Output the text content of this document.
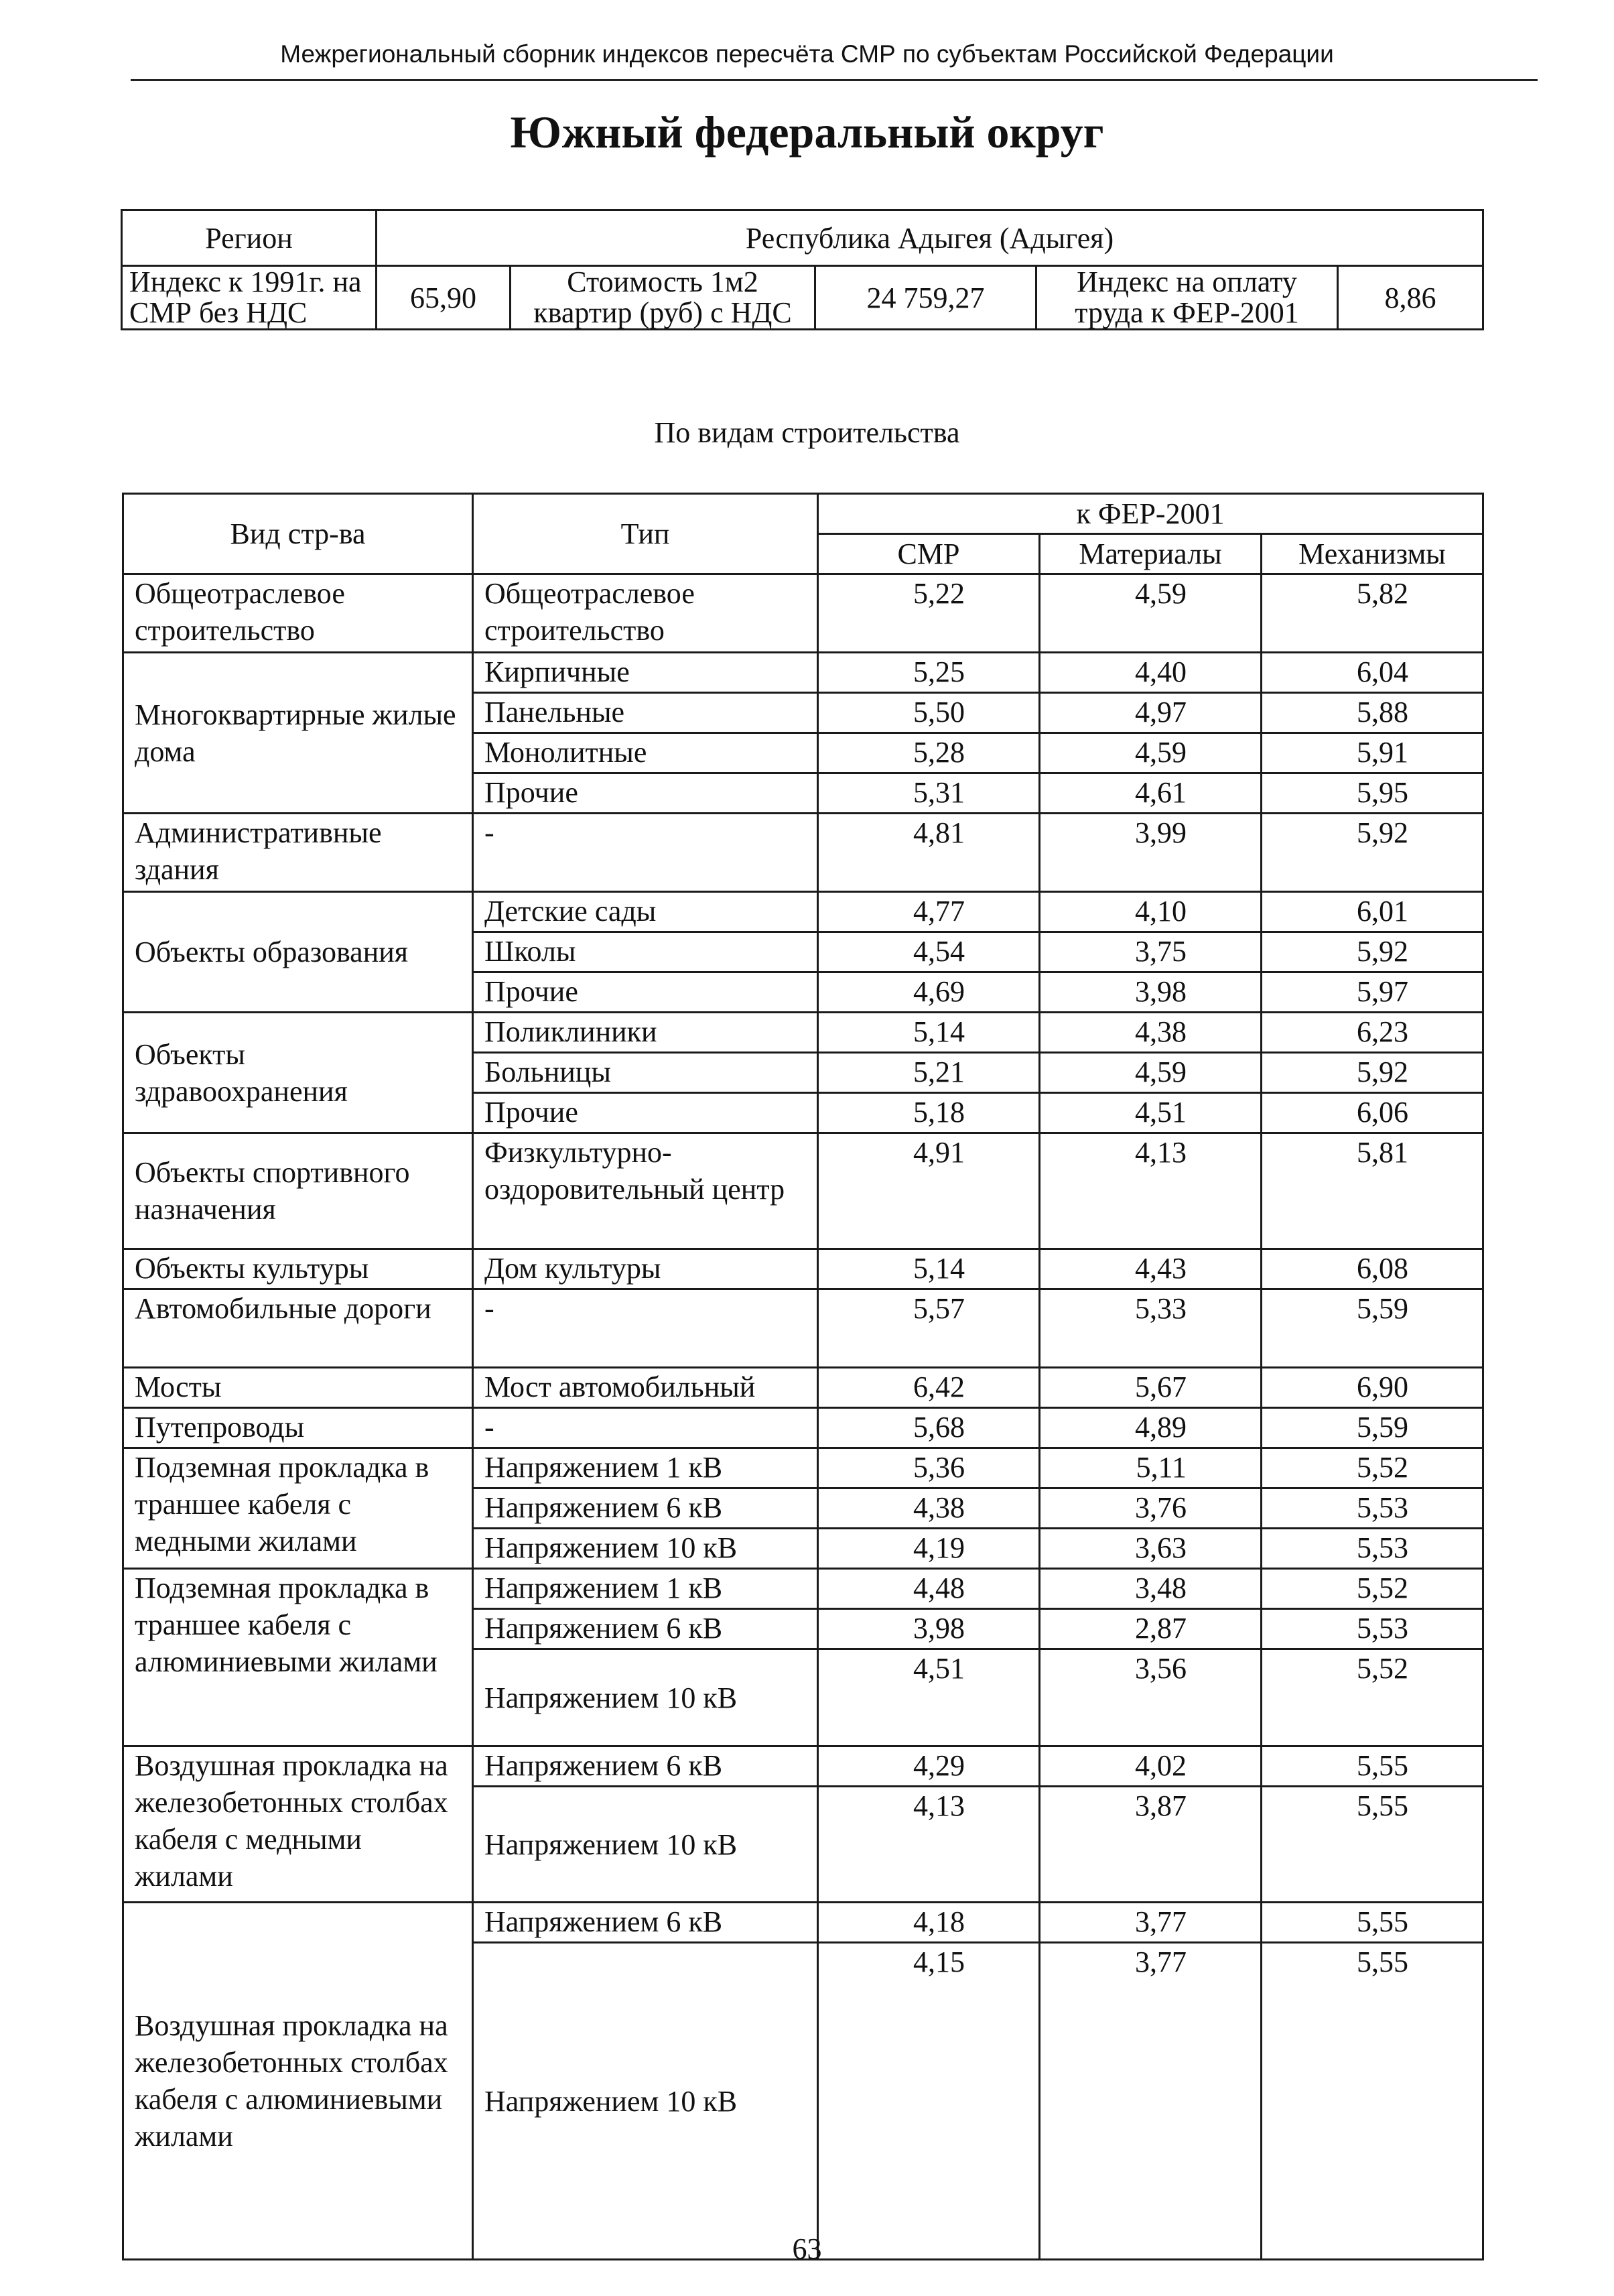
Межрегиональный сборник индексов пересчёта СМР по субъектам Российской Федерации
Южный федеральный округ
Регион	Республика Адыгея (Адыгея)				
Индекс к 1991г. на СМР без НДС	65,90	Стоимость 1м2 квартир (руб) с НДС	24 759,27	Индекс на оплату труда к ФЕР-2001	8,86
По видам строительства
Вид стр-ва	Тип	к ФЕР-2001		
		СМР	Материалы	Механизмы
Общеотраслевое строительство	Общеотраслевое строительство	5,22	4,59	5,82
Многоквартирные жилые дома	Кирпичные	5,25	4,40	6,04
	Панельные	5,50	4,97	5,88
	Монолитные	5,28	4,59	5,91
	Прочие	5,31	4,61	5,95
Административные здания	-	4,81	3,99	5,92
Объекты образования	Детские сады	4,77	4,10	6,01
	Школы	4,54	3,75	5,92
	Прочие	4,69	3,98	5,97
Объекты здравоохранения	Поликлиники	5,14	4,38	6,23
	Больницы	5,21	4,59	5,92
	Прочие	5,18	4,51	6,06
Объекты спортивного назначения	Физкультурно-оздоровительный центр	4,91	4,13	5,81
Объекты культуры	Дом культуры	5,14	4,43	6,08
Автомобильные дороги	-	5,57	5,33	5,59
Мосты	Мост автомобильный	6,42	5,67	6,90
Путепроводы	-	5,68	4,89	5,59
Подземная прокладка в траншее кабеля с медными жилами	Напряжением 1 кВ	5,36	5,11	5,52
	Напряжением 6 кВ	4,38	3,76	5,53
	Напряжением 10 кВ	4,19	3,63	5,53
Подземная прокладка в траншее кабеля с алюминиевыми жилами	Напряжением 1 кВ	4,48	3,48	5,52
	Напряжением 6 кВ	3,98	2,87	5,53
	Напряжением 10 кВ	4,51	3,56	5,52
Воздушная прокладка на железобетонных столбах кабеля с медными жилами	Напряжением 6 кВ	4,29	4,02	5,55
	Напряжением 10 кВ	4,13	3,87	5,55
Воздушная прокладка на железобетонных столбах кабеля с алюминиевыми жилами	Напряжением 6 кВ	4,18	3,77	5,55
	Напряжением 10 кВ	4,15	3,77	5,55
63
